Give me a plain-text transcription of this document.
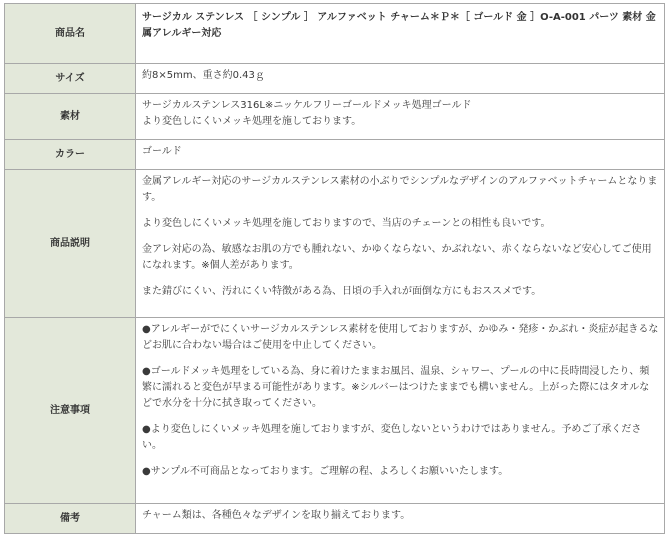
商品名	サージカル ステンレス ［ シンプル ］ アルファベット チャーム＊Ｐ＊［ ゴールド 金 ］O-A-001 パーツ 素材 金属アレルギー対応

サイズ	約8×5mm、重さ約0.43ｇ

素材	サージカルステンレス316L※ニッケルフリーゴールドメッキ処理ゴールド
より変色しにくいメッキ処理を施しております。

カラー	ゴールド

商品説明	金属アレルギー対応のサージカルステンレス素材の小ぶりでシンプルなデザインのアルファベットチャームとなります。
より変色しにくいメッキ処理を施しておりますので、当店のチェーンとの相性も良いです。
金アレ対応の為、敏感なお肌の方でも腫れない、かゆくならない、かぶれない、赤くならないなど安心してご使用になれます。※個人差があります。
また錆びにくい、汚れにくい特徴がある為、日頃の手入れが面倒な方にもおススメです。

注意事項	●アレルギーがでにくいサージカルステンレス素材を使用しておりますが、かゆみ・発疹・かぶれ・炎症が起きるなどお肌に合わない場合はご使用を中止してください。
●ゴールドメッキ処理をしている為、身に着けたままお風呂、温泉、シャワー、プールの中に長時間浸したり、頻繁に濡れると変色が早まる可能性があります。※シルバーはつけたままでも構いません。上がった際にはタオルなどで水分を十分に拭き取ってください。
●より変色しにくいメッキ処理を施しておりますが、変色しないというわけではありません。予めご了承ください。
●サンプル不可商品となっております。ご理解の程、よろしくお願いいたします。

備考	チャーム類は、各種色々なデザインを取り揃えております。
